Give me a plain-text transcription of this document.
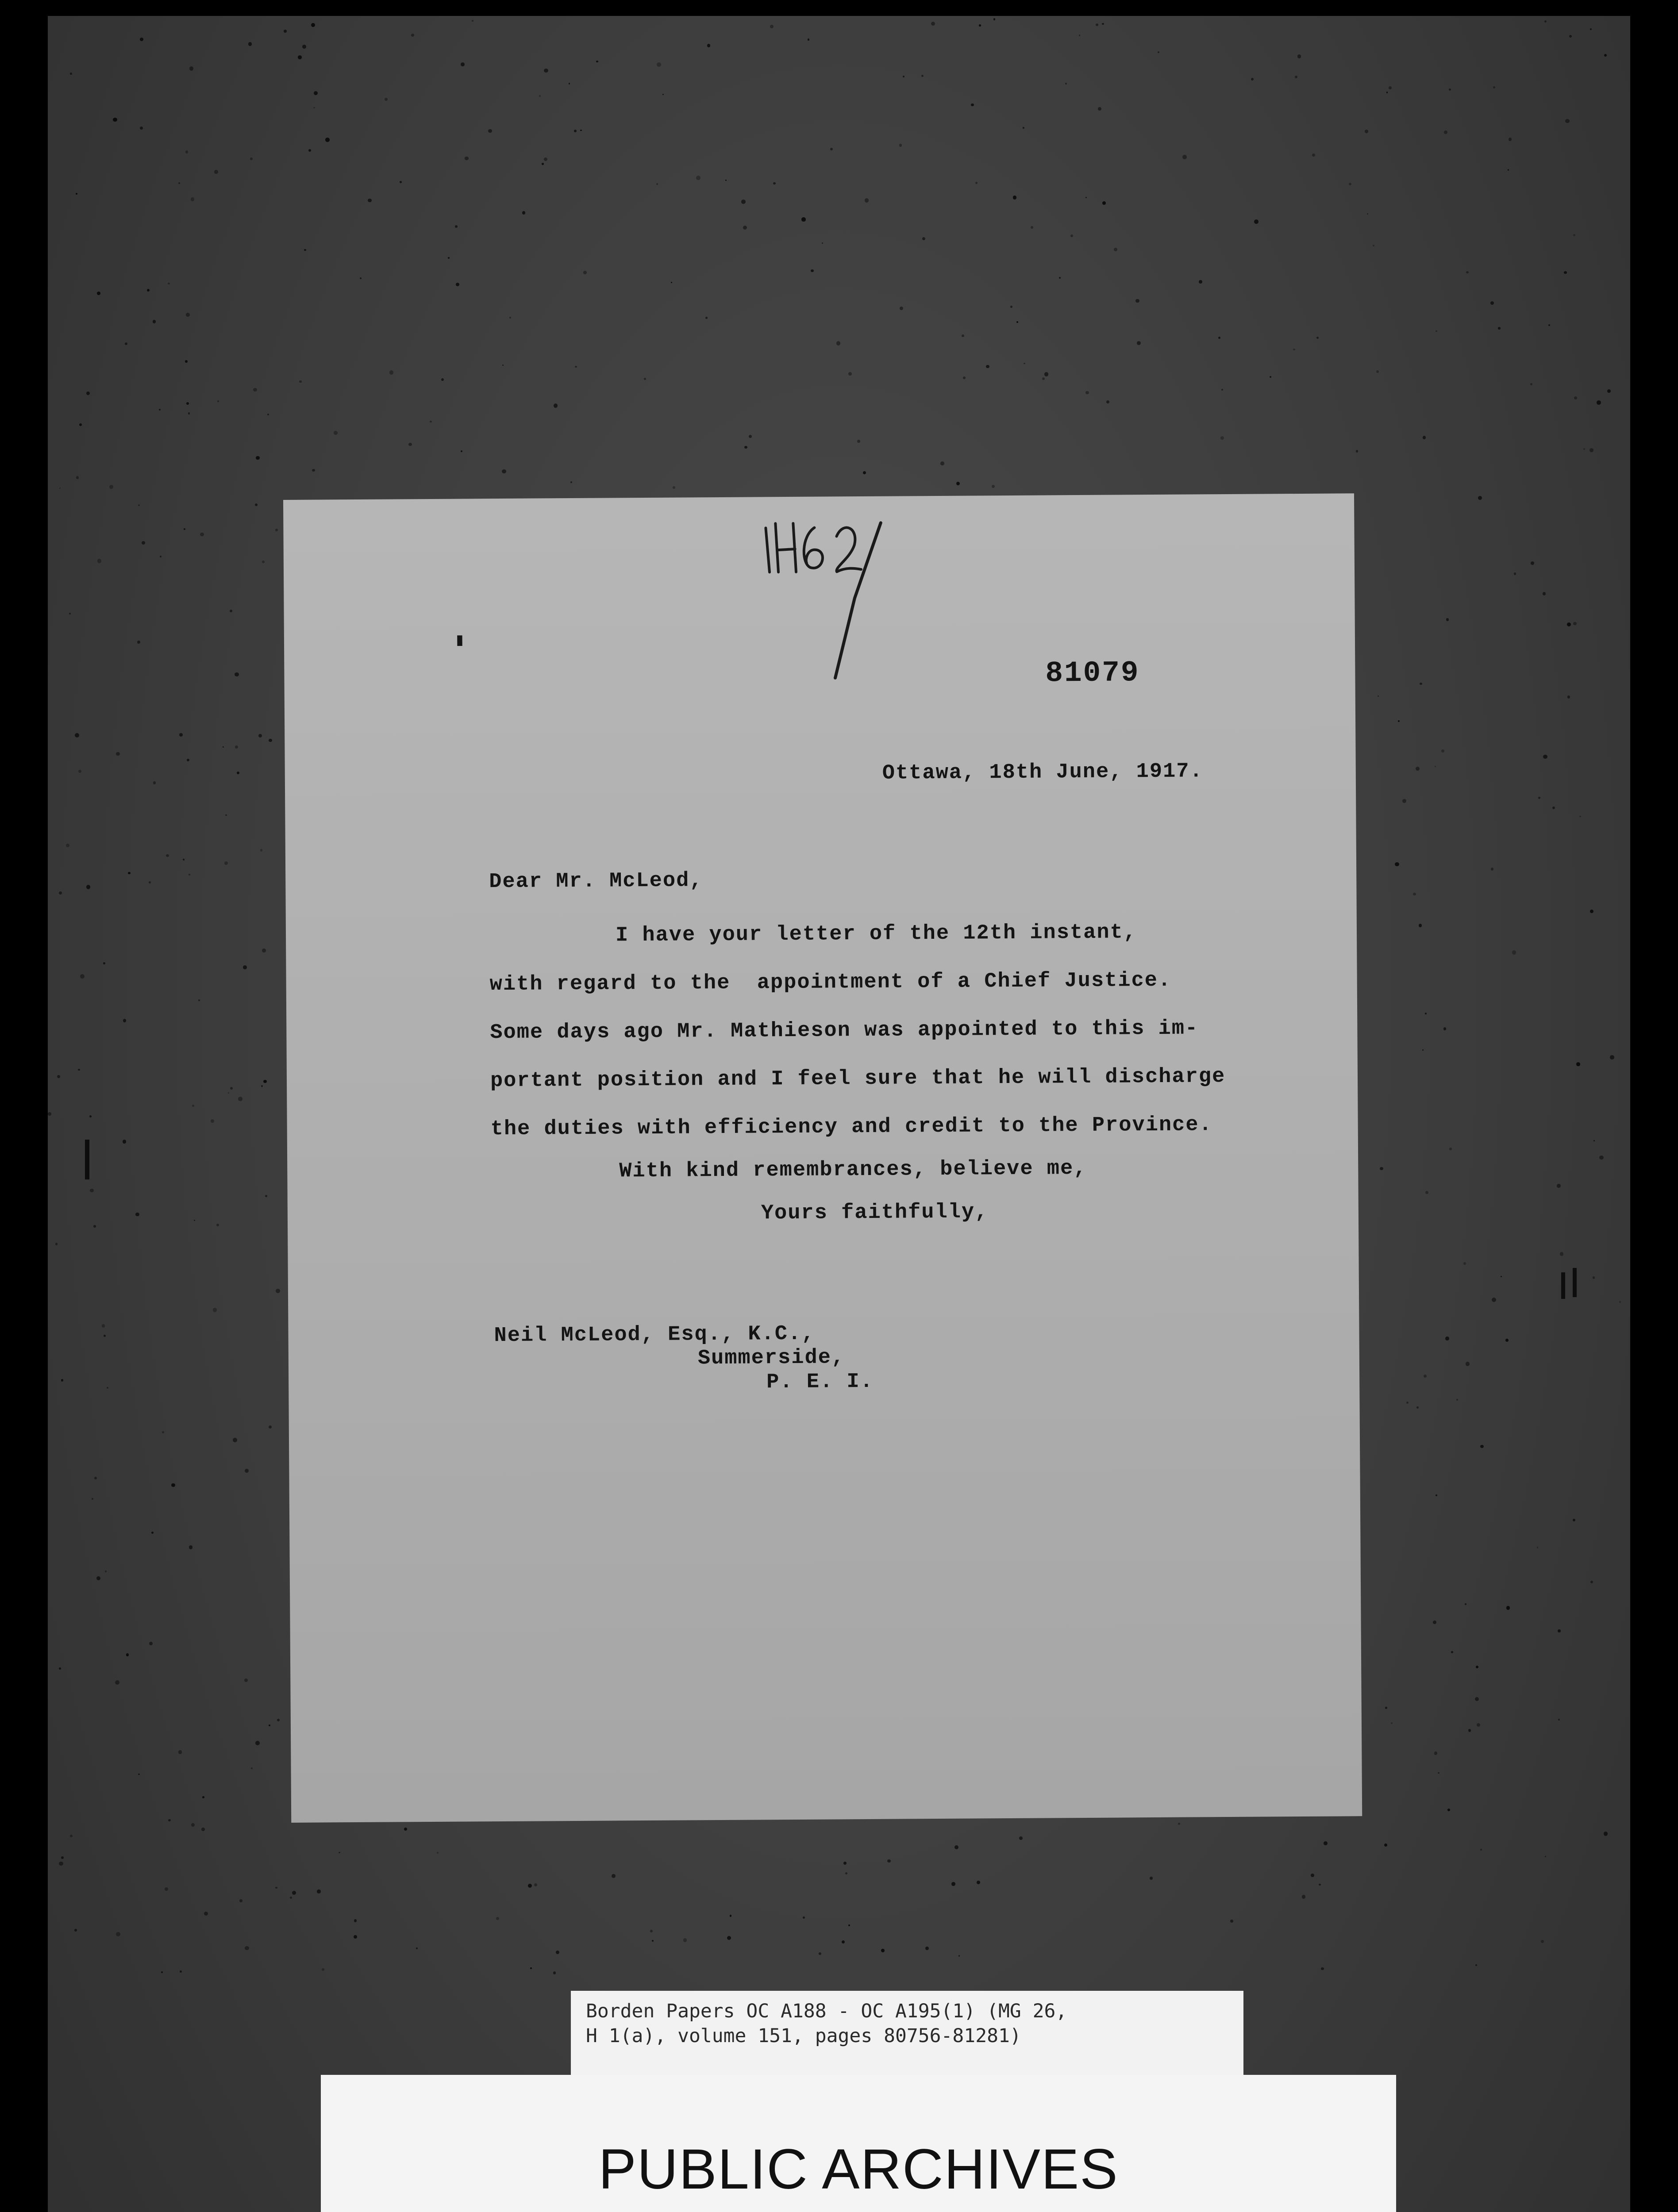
▮
81079
Ottawa, 18th June, 1917.
Dear Mr. McLeod,
I have your letter of the 12th instant,
with regard to the  appointment of a Chief Justice.
Some days ago Mr. Mathieson was appointed to this im-
portant position and I feel sure that he will discharge
the duties with efficiency and credit to the Province.
With kind remembrances, believe me,
Yours faithfully,
Neil McLeod, Esq., K.C.,
Summerside,
P. E. I.
Borden Papers OC A188 - OC A195(1) (MG 26,
H 1(a), volume 151, pages 80756-81281)
PUBLIC ARCHIVES
